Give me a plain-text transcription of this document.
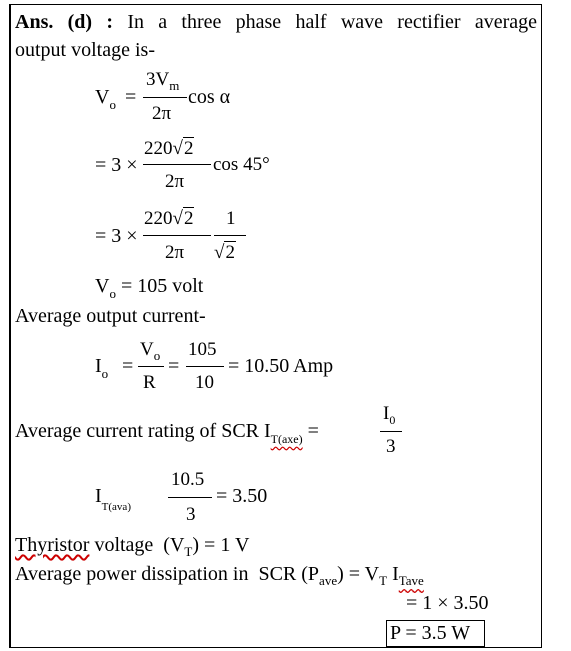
Ans. (d) : In a three phase half wave rectifier average
output voltage is-
$V_o$ =
$3V_m$
2π
cos α
= 3 ×
220√2
2π
cos 45°
= 3 ×
220√2
2π
1
√2
$V_o = 105$ volt
Average output current-
$I_o$ =
$V_o$
R
=
105
10
= 10.50 Amp
Average current rating of SCR $I_{T(axe)}$ =
$I_0$
3
$I_{T(ava)}$
10.5
3
= 3.50
Thyristor voltage  $(V_T) = 1$ V
Average power dissipation in  SCR $(P_{ave}) = V_T$ $I_{Tave}$
= 1 × 3.50
P = 3.5 W
